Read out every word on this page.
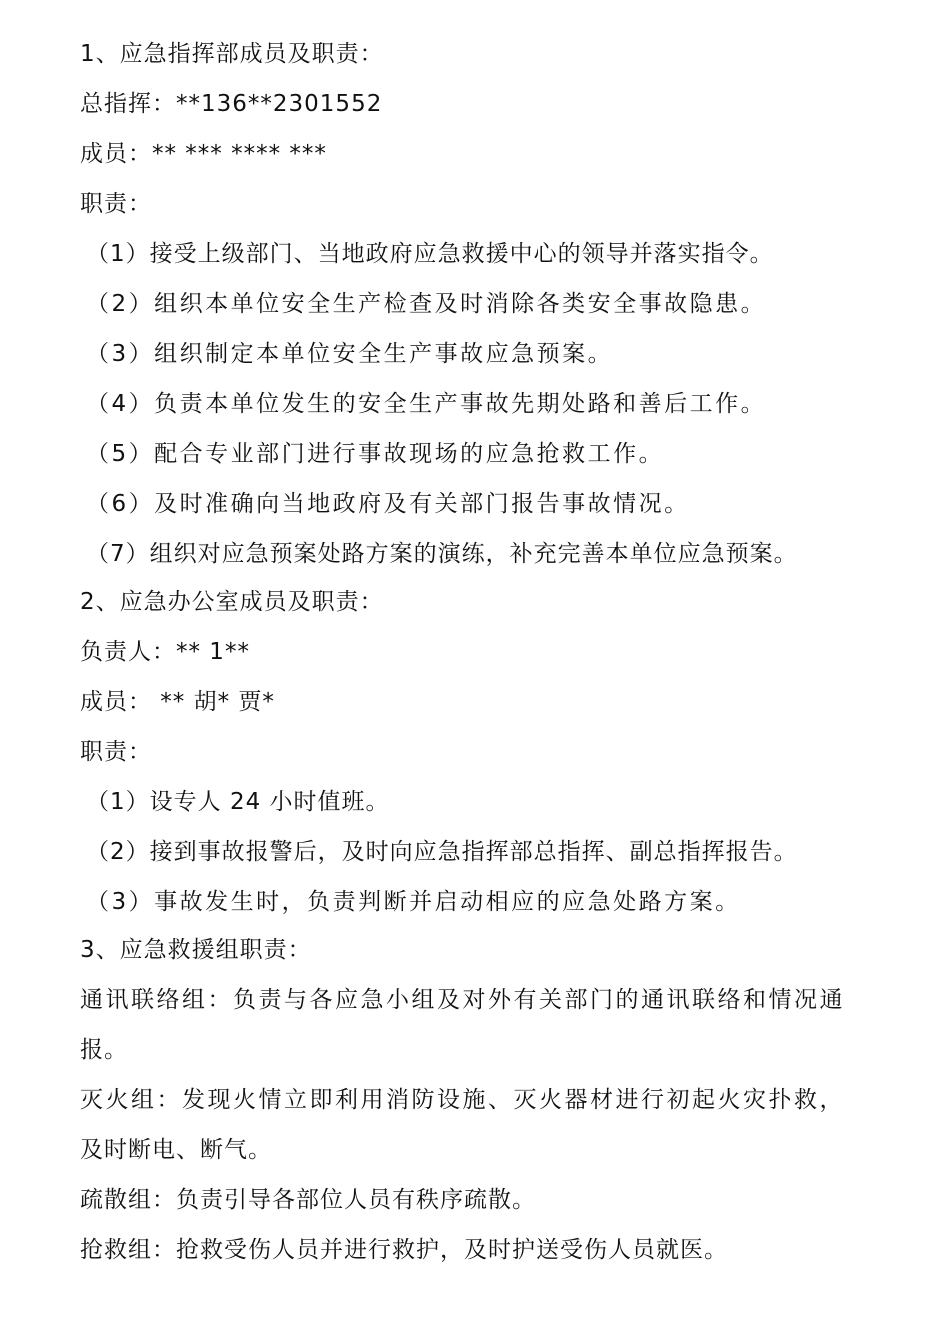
1、应急指挥部成员及职责：
总指挥：**136**2301552
成员：** *** **** ***
职责：
（1）接受上级部门、当地政府应急救援中心的领导并落实指令。
（2）组织本单位安全生产检查及时消除各类安全事故隐患。
（3）组织制定本单位安全生产事故应急预案。
（4）负责本单位发生的安全生产事故先期处路和善后工作。
（5）配合专业部门进行事故现场的应急抢救工作。
（6）及时准确向当地政府及有关部门报告事故情况。
（7）组织对应急预案处路方案的演练，补充完善本单位应急预案。
2、应急办公室成员及职责：
负责人：** 1**
成员： ** 胡* 贾*
职责：
（1）设专人 24 小时值班。
（2）接到事故报警后，及时向应急指挥部总指挥、副总指挥报告。
（3）事故发生时，负责判断并启动相应的应急处路方案。
3、应急救援组职责：
通讯联络组：负责与各应急小组及对外有关部门的通讯联络和情况通
报。
灭火组：发现火情立即利用消防设施、灭火器材进行初起火灾扑救，
及时断电、断气。
疏散组：负责引导各部位人员有秩序疏散。
抢救组：抢救受伤人员并进行救护，及时护送受伤人员就医。
